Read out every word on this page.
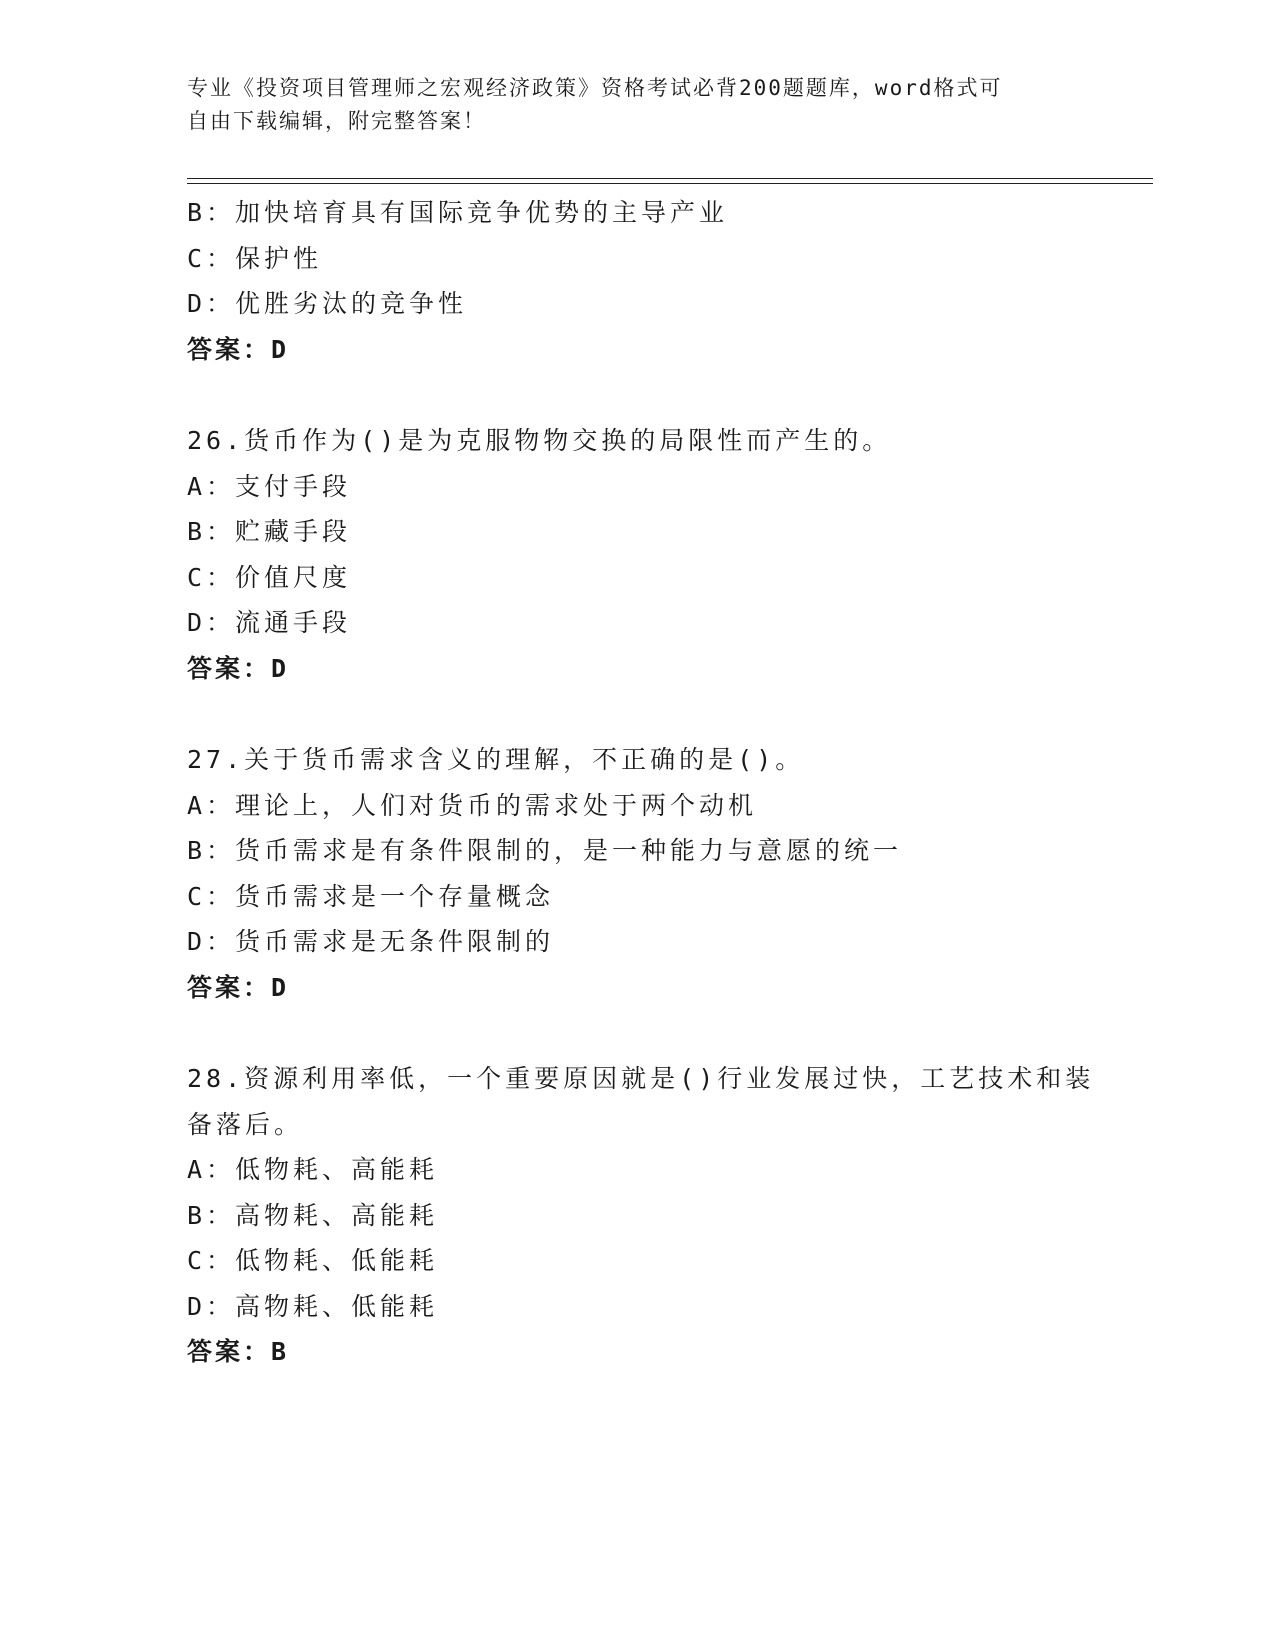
专业《投资项目管理师之宏观经济政策》资格考试必背200题题库，word格式可
自由下载编辑，附完整答案！
B：加快培育具有国际竞争优势的主导产业
C：保护性
D：优胜劣汰的竞争性
答案：D
26.货币作为()是为克服物物交换的局限性而产生的。
A：支付手段
B：贮藏手段
C：价值尺度
D：流通手段
答案：D
27.关于货币需求含义的理解，不正确的是()。
A：理论上，人们对货币的需求处于两个动机
B：货币需求是有条件限制的，是一种能力与意愿的统一
C：货币需求是一个存量概念
D：货币需求是无条件限制的
答案：D
28.资源利用率低，一个重要原因就是()行业发展过快，工艺技术和装
备落后。
A：低物耗、高能耗
B：高物耗、高能耗
C：低物耗、低能耗
D：高物耗、低能耗
答案：B
